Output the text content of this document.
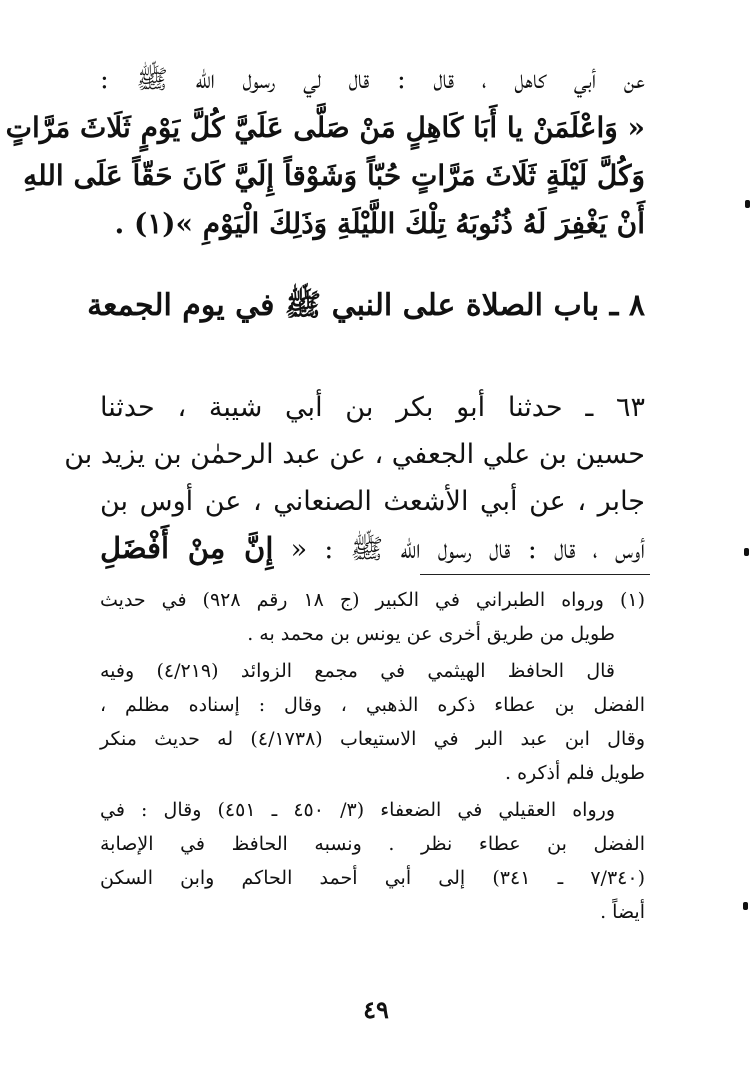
عن أبي كاهل ، قال : قال لي رسول الله ﷺ :
« وَاعْلَمَنْ يا أَبَا كَاهِلٍ مَنْ صَلَّى عَلَيَّ كُلَّ يَوْمٍ ثَلَاثَ مَرَّاتٍ
وَكُلَّ لَيْلَةٍ ثَلَاثَ مَرَّاتٍ حُبّاً وَشَوْقاً إِلَيَّ كَانَ حَقّاً عَلَى اللهِ
أَنْ يَغْفِرَ لَهُ ذُنُوبَهُ تِلْكَ اللَّيْلَةِ وَذَلِكَ الْيَوْمِ »(١) .
٨ ـ باب الصلاة على النبي ﷺ في يوم الجمعة
٦٣ ـ حدثنا أبو بكر بن أبي شيبة ، حدثنا
حسين بن علي الجعفي ، عن عبد الرحمٰن بن يزيد بن
جابر ، عن أبي الأشعث الصنعاني ، عن أوس بن
أوس ، قال : قال رسول الله ﷺ : « إِنَّ مِنْ أَفْضَلِ
(١) ورواه الطبراني في الكبير (ج ١٨ رقم ٩٢٨) في حديث
طويل من طريق أخرى عن يونس بن محمد به .
قال الحافظ الهيثمي في مجمع الزوائد (٤/٢١٩) وفيه
الفضل بن عطاء ذكره الذهبي ، وقال : إسناده مظلم ،
وقال ابن عبد البر في الاستيعاب (٤/١٧٣٨) له حديث منكر
طويل فلم أذكره .
ورواه العقيلي في الضعفاء (٣/ ٤٥٠ ـ ٤٥١) وقال : في
الفضل بن عطاء نظر . ونسبه الحافظ في الإصابة
(٧/٣٤٠ ـ ٣٤١) إلى أبي أحمد الحاكم وابن السكن
أيضاً .
٤٩
